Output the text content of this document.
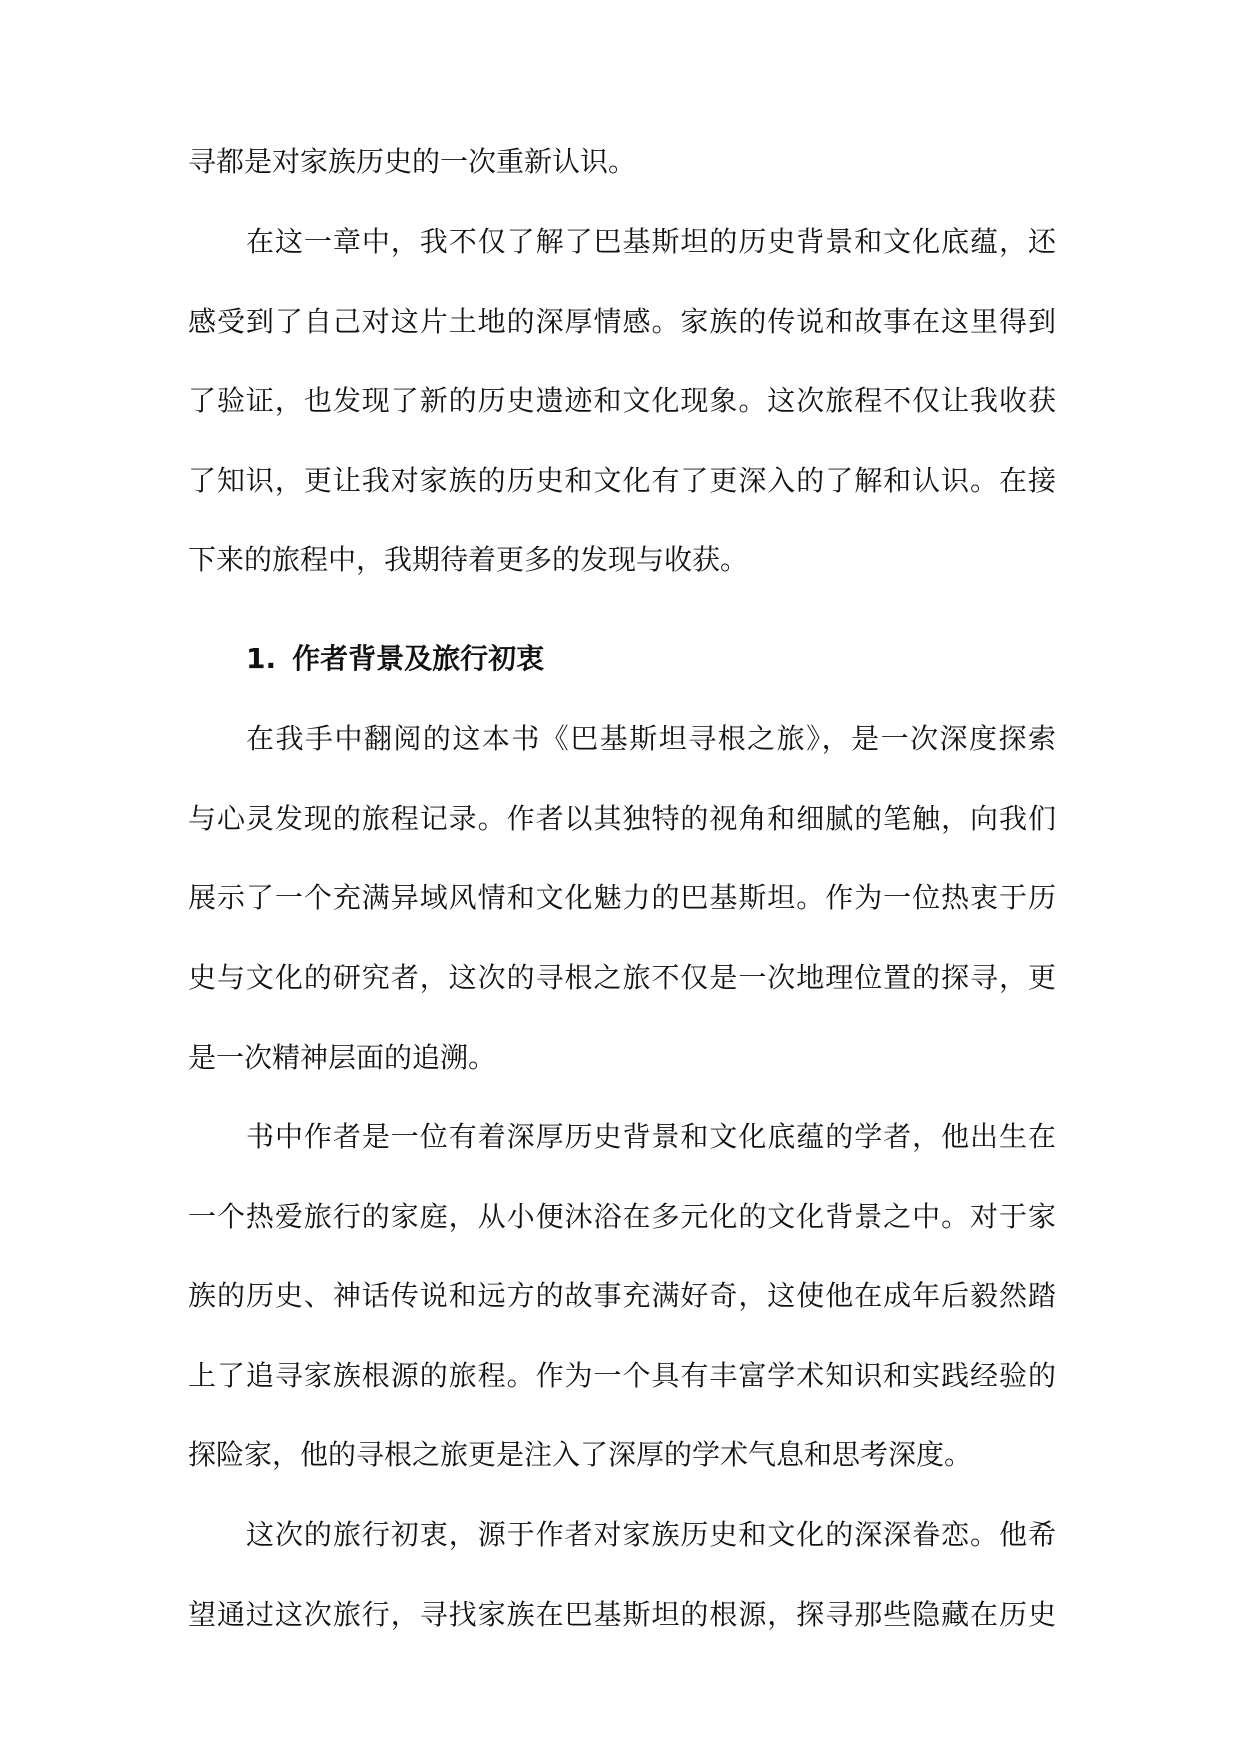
寻都是对家族历史的一次重新认识。
在这一章中，我不仅了解了巴基斯坦的历史背景和文化底蕴，还
感受到了自己对这片土地的深厚情感。家族的传说和故事在这里得到
了验证，也发现了新的历史遗迹和文化现象。这次旅程不仅让我收获
了知识，更让我对家族的历史和文化有了更深入的了解和认识。在接
下来的旅程中，我期待着更多的发现与收获。
1. 作者背景及旅行初衷
在我手中翻阅的这本书《巴基斯坦寻根之旅》，是一次深度探索
与心灵发现的旅程记录。作者以其独特的视角和细腻的笔触，向我们
展示了一个充满异域风情和文化魅力的巴基斯坦。作为一位热衷于历
史与文化的研究者，这次的寻根之旅不仅是一次地理位置的探寻，更
是一次精神层面的追溯。
书中作者是一位有着深厚历史背景和文化底蕴的学者，他出生在
一个热爱旅行的家庭，从小便沐浴在多元化的文化背景之中。对于家
族的历史、神话传说和远方的故事充满好奇，这使他在成年后毅然踏
上了追寻家族根源的旅程。作为一个具有丰富学术知识和实践经验的
探险家，他的寻根之旅更是注入了深厚的学术气息和思考深度。
这次的旅行初衷，源于作者对家族历史和文化的深深眷恋。他希
望通过这次旅行，寻找家族在巴基斯坦的根源，探寻那些隐藏在历史
